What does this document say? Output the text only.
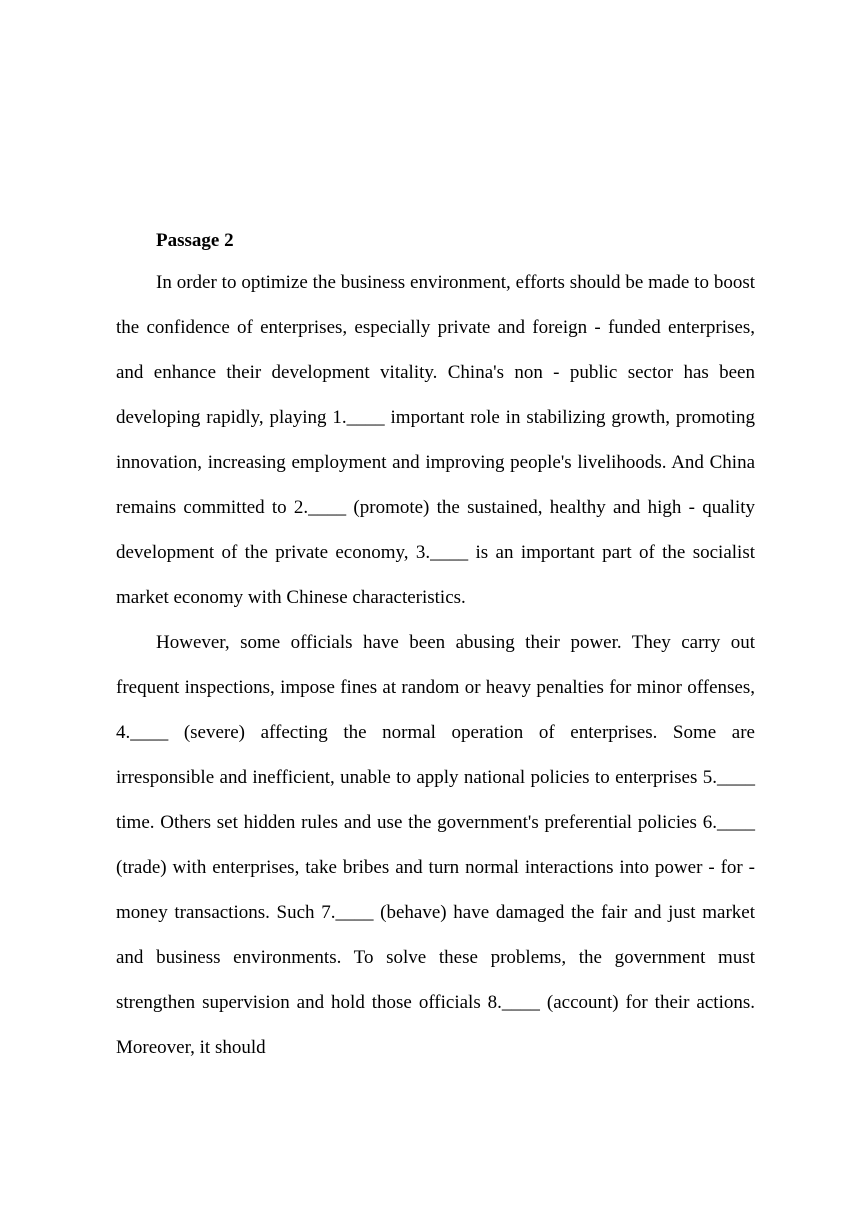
Passage 2

In order to optimize the business environment, efforts should be made to boost the confidence of enterprises, especially private and foreign - funded enterprises, and enhance their development vitality. China's non - public sector has been developing rapidly, playing 1.____ important role in stabilizing growth, promoting innovation, increasing employment and improving people's livelihoods. And China remains committed to 2.____ (promote) the sustained, healthy and high - quality development of the private economy, 3.____ is an important part of the socialist market economy with Chinese characteristics.

However, some officials have been abusing their power. They carry out frequent inspections, impose fines at random or heavy penalties for minor offenses, 4.____ (severe) affecting the normal operation of enterprises. Some are irresponsible and inefficient, unable to apply national policies to enterprises 5.____ time. Others set hidden rules and use the government's preferential policies 6.____ (trade) with enterprises, take bribes and turn normal interactions into power - for - money transactions. Such 7.____ (behave) have damaged the fair and just market and business environments. To solve these problems, the government must strengthen supervision and hold those officials 8.____ (account) for their actions. Moreover, it should
